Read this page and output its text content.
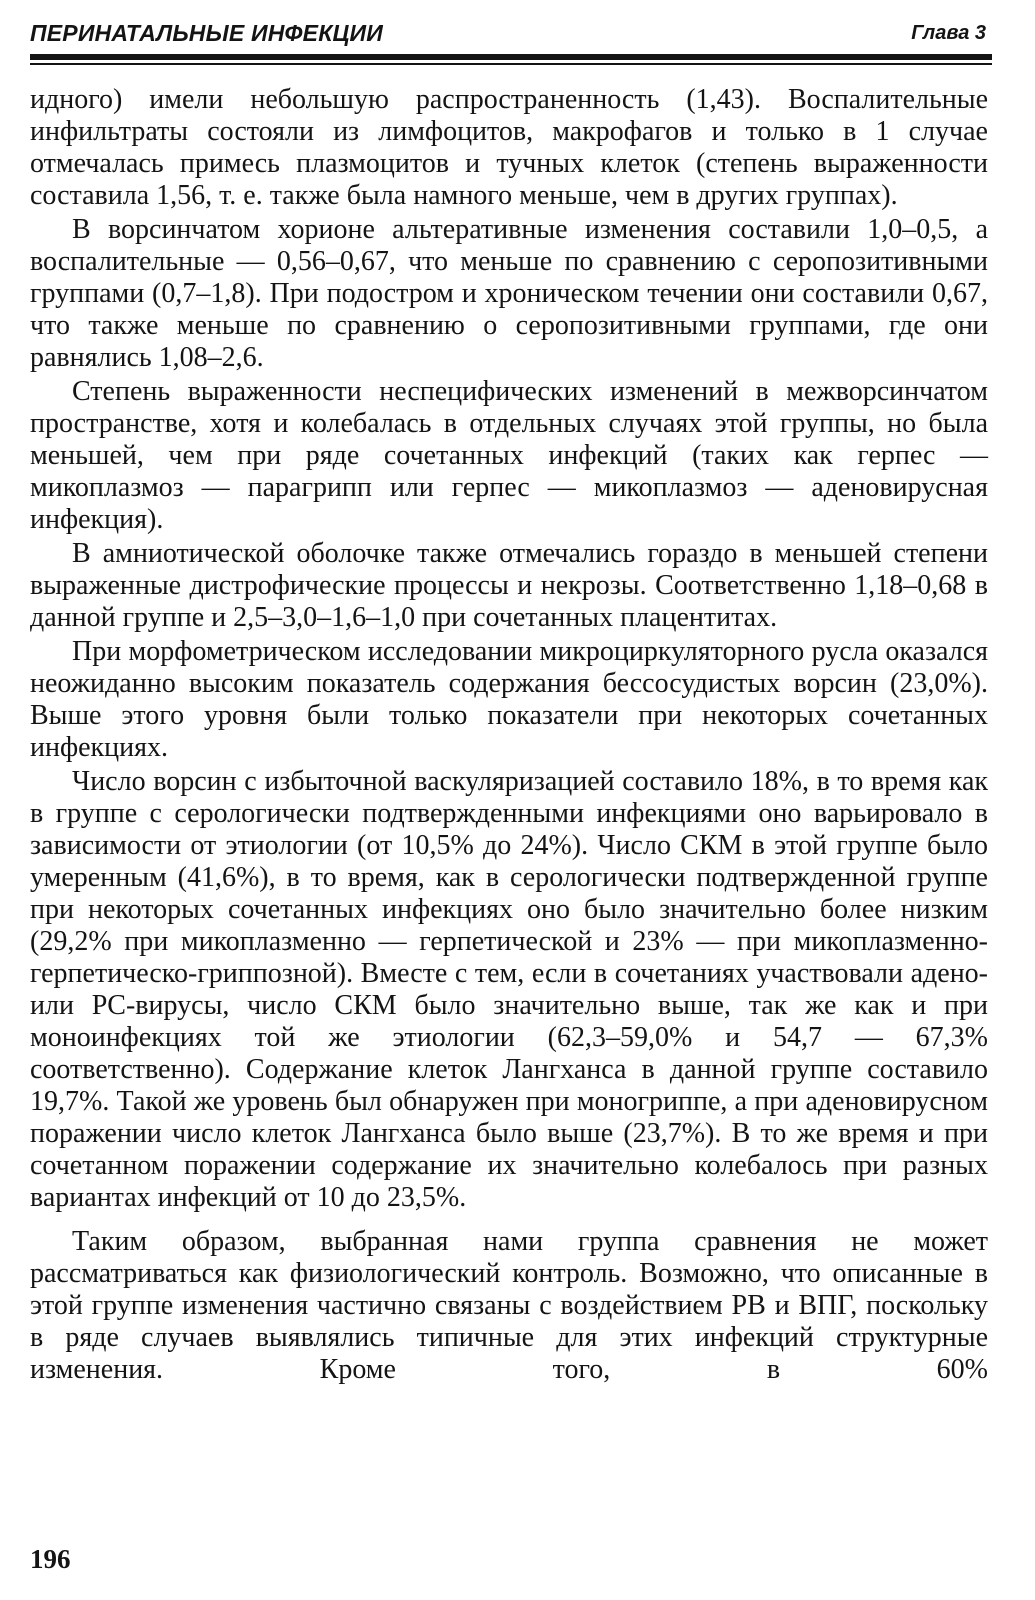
ПЕРИНАТАЛЬНЫЕ ИНФЕКЦИИ	Глава 3

идного) имели небольшую распространенность (1,43). Воспалительные инфильтраты состояли из лимфоцитов, макрофагов и только в 1 случае отмечалась примесь плазмоцитов и тучных клеток (степень выраженности составила 1,56, т. е. также была намного меньше, чем в других группах).

В ворсинчатом хорионе альтеративные изменения составили 1,0–0,5, а воспалительные — 0,56–0,67, что меньше по сравнению с серопозитивными группами (0,7–1,8). При подостром и хроническом течении они составили 0,67, что также меньше по сравнению о серопозитивными группами, где они равнялись 1,08–2,6.

Степень выраженности неспецифических изменений в межворсинчатом пространстве, хотя и колебалась в отдельных случаях этой группы, но была меньшей, чем при ряде сочетанных инфекций (таких как герпес — микоплазмоз — парагрипп или герпес — микоплазмоз — аденовирусная инфекция).

В амниотической оболочке также отмечались гораздо в меньшей степени выраженные дистрофические процессы и некрозы. Соответственно 1,18–0,68 в данной группе и 2,5–3,0–1,6–1,0 при сочетанных плацентитах.

При морфометрическом исследовании микроциркуляторного русла оказался неожиданно высоким показатель содержания бессосудистых ворсин (23,0%). Выше этого уровня были только показатели при некоторых сочетанных инфекциях.

Число ворсин с избыточной васкуляризацией составило 18%, в то время как в группе с серологически подтвержденными инфекциями оно варьировало в зависимости от этиологии (от 10,5% до 24%). Число СКМ в этой группе было умеренным (41,6%), в то время, как в серологически подтвержденной группе при некоторых сочетанных инфекциях оно было значительно более низким (29,2% при микоплазменно — герпетической и 23% — при микоплазменно-герпетическо-гриппозной). Вместе с тем, если в сочетаниях участвовали адено- или PC-вирусы, число СКМ было значительно выше, так же как и при моноинфекциях той же этиологии (62,3–59,0% и 54,7 — 67,3% соответственно). Содержание клеток Лангханса в данной группе составило 19,7%. Такой же уровень был обнаружен при моногриппе, а при аденовирусном поражении число клеток Лангханса было выше (23,7%). В то же время и при сочетанном поражении содержание их значительно колебалось при разных вариантах инфекций от 10 до 23,5%.

Таким образом, выбранная нами группа сравнения не может рассматриваться как физиологический контроль. Возможно, что описанные в этой группе изменения частично связаны с воздействием РВ и ВПГ, поскольку в ряде случаев выявлялись типичные для этих инфекций структурные изменения. Кроме того, в 60%

196
